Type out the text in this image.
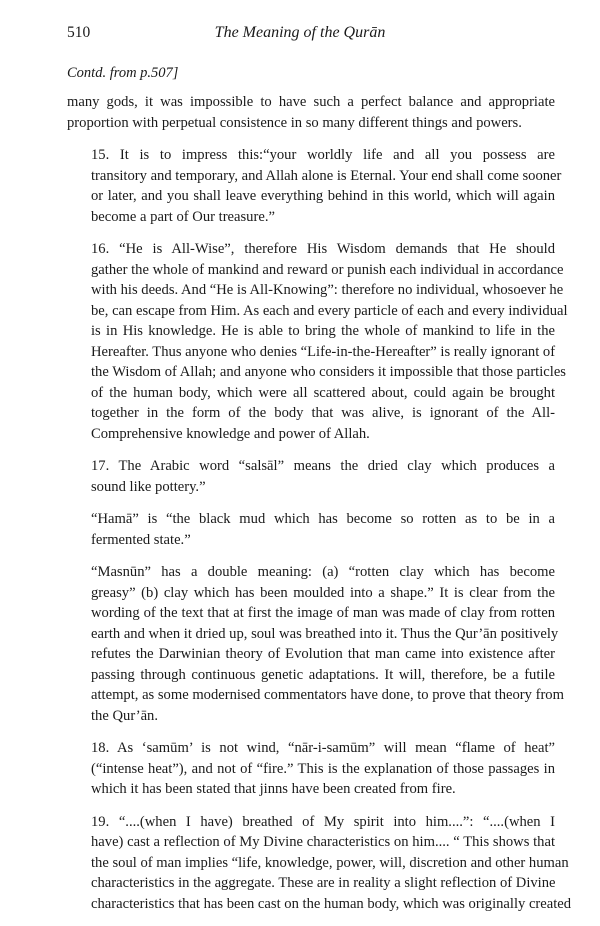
510	The Meaning of the Qurān
Contd. from p.507]
many gods, it was impossible to have such a perfect balance and appropriate
proportion with perpetual consistence in so many different things and powers.
15. It is to impress this:“your worldly life and all you possess are
transitory and temporary, and Allah alone is Eternal. Your end shall come sooner
or later, and you shall leave everything behind in this world, which will again
become a part of Our treasure.”
16. “He is All-Wise”, therefore His Wisdom demands that He should
gather the whole of mankind and reward or punish each individual in accordance
with his deeds. And “He is All-Knowing”: therefore no individual, whosoever he
be, can escape from Him. As each and every particle of each and every individual
is in His knowledge. He is able to bring the whole of mankind to life in the
Hereafter. Thus anyone who denies “Life-in-the-Hereafter” is really ignorant of
the Wisdom of Allah; and anyone who considers it impossible that those particles
of the human body, which were all scattered about, could again be brought
together in the form of the body that was alive, is ignorant of the All-
Comprehensive knowledge and power of Allah.
17. The Arabic word “salsāl” means the dried clay which produces a
sound like pottery.”
“Hamā” is “the black mud which has become so rotten as to be in a
fermented state.”
“Masnūn” has a double meaning: (a) “rotten clay which has become
greasy” (b) clay which has been moulded into a shape.” It is clear from the
wording of the text that at first the image of man was made of clay from rotten
earth and when it dried up, soul was breathed into it. Thus the Qur’ān positively
refutes the Darwinian theory of Evolution that man came into existence after
passing through continuous genetic adaptations. It will, therefore, be a futile
attempt, as some modernised commentators have done, to prove that theory from
the Qur’ān.
18. As ‘samūm’ is not wind, “nār-i-samūm” will mean “flame of heat”
(“intense heat”), and not of “fire.” This is the explanation of those passages in
which it has been stated that jinns have been created from fire.
19. “....(when I have) breathed of My spirit into him....”: “....(when I
have) cast a reflection of My Divine characteristics on him.... “ This shows that
the soul of man implies “life, knowledge, power, will, discretion and other human
characteristics in the aggregate. These are in reality a slight reflection of Divine
characteristics that has been cast on the human body, which was originally created
